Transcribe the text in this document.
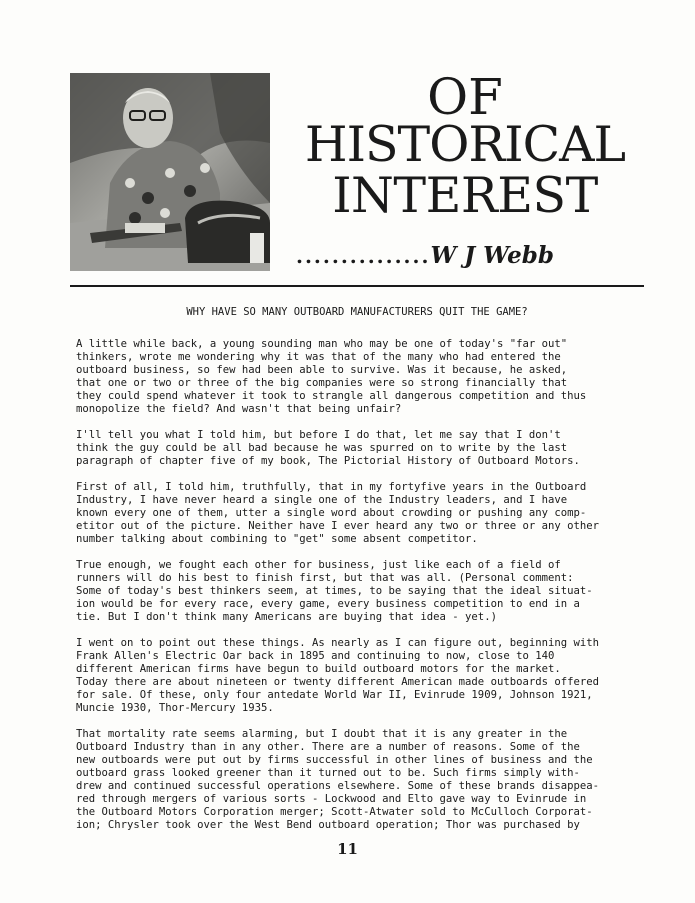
OF
HISTORICAL
INTEREST
...............W J Webb
WHY HAVE SO MANY OUTBOARD MANUFACTURERS QUIT THE GAME?
A little while back, a young sounding man who may be one of today's "far out"
thinkers, wrote me wondering why it was that of the many who had entered the
outboard business, so few had been able to survive. Was it because, he asked,
that one or two or three of the big companies were so strong financially that
they could spend whatever it took to strangle all dangerous competition and thus
monopolize the field? And wasn't that being unfair?
I'll tell you what I told him, but before I do that, let me say that I don't
think the guy could be all bad because he was spurred on to write by the last
paragraph of chapter five of my book, The Pictorial History of Outboard Motors.
First of all, I told him, truthfully, that in my fortyfive years in the Outboard
Industry, I have never heard a single one of the Industry leaders, and I have
known every one of them, utter a single word about crowding or pushing any comp-
etitor out of the picture. Neither have I ever heard any two or three or any other
number talking about combining to "get" some absent competitor.
True enough, we fought each other for business, just like each of a field of
runners will do his best to finish first, but that was all. (Personal comment:
Some of today's best thinkers seem, at times, to be saying that the ideal situat-
ion would be for every race, every game, every business competition to end in a
tie. But I don't think many Americans are buying that idea - yet.)
I went on to point out these things. As nearly as I can figure out, beginning with
Frank Allen's Electric Oar back in 1895 and continuing to now, close to 140
different American firms have begun to build outboard motors for the market.
Today there are about nineteen or twenty different American made outboards offered
for sale. Of these, only four antedate World War II, Evinrude 1909, Johnson 1921,
Muncie 1930, Thor-Mercury 1935.
That mortality rate seems alarming, but I doubt that it is any greater in the
Outboard Industry than in any other. There are a number of reasons. Some of the
new outboards were put out by firms successful in other lines of business and the
outboard grass looked greener than it turned out to be. Such firms simply with-
drew and continued successful operations elsewhere. Some of these brands disappea-
red through mergers of various sorts - Lockwood and Elto gave way to Evinrude in
the Outboard Motors Corporation merger; Scott-Atwater sold to McCulloch Corporat-
ion; Chrysler took over the West Bend outboard operation; Thor was purchased by
11
